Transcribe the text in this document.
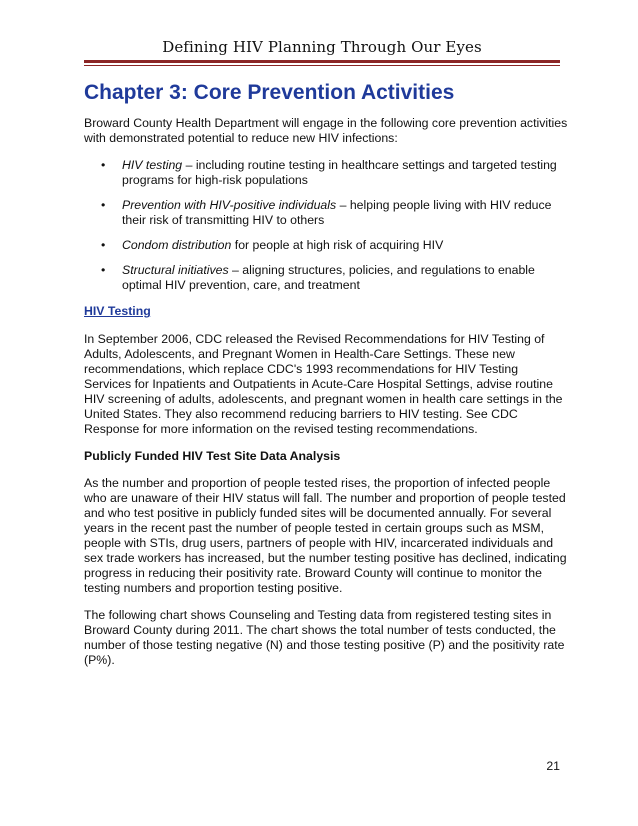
Defining HIV Planning Through Our Eyes
Chapter 3: Core Prevention Activities

Broward County Health Department will engage in the following core prevention activities with demonstrated potential to reduce new HIV infections:

• HIV testing – including routine testing in healthcare settings and targeted testing programs for high-risk populations
• Prevention with HIV-positive individuals – helping people living with HIV reduce their risk of transmitting HIV to others
• Condom distribution for people at high risk of acquiring HIV
• Structural initiatives – aligning structures, policies, and regulations to enable optimal HIV prevention, care, and treatment
HIV Testing

In September 2006, CDC released the Revised Recommendations for HIV Testing of Adults, Adolescents, and Pregnant Women in Health-Care Settings. These new recommendations, which replace CDC's 1993 recommendations for HIV Testing Services for Inpatients and Outpatients in Acute-Care Hospital Settings, advise routine HIV screening of adults, adolescents, and pregnant women in health care settings in the United States. They also recommend reducing barriers to HIV testing. See CDC Response for more information on the revised testing recommendations.

Publicly Funded HIV Test Site Data Analysis

As the number and proportion of people tested rises, the proportion of infected people who are unaware of their HIV status will fall. The number and proportion of people tested and who test positive in publicly funded sites will be documented annually. For several years in the recent past the number of people tested in certain groups such as MSM, people with STIs, drug users, partners of people with HIV, incarcerated individuals and sex trade workers has increased, but the number testing positive has declined, indicating progress in reducing their positivity rate. Broward County will continue to monitor the testing numbers and proportion testing positive.

The following chart shows Counseling and Testing data from registered testing sites in Broward County during 2011. The chart shows the total number of tests conducted, the number of those testing negative (N) and those testing positive (P) and the positivity rate (P%).

21
